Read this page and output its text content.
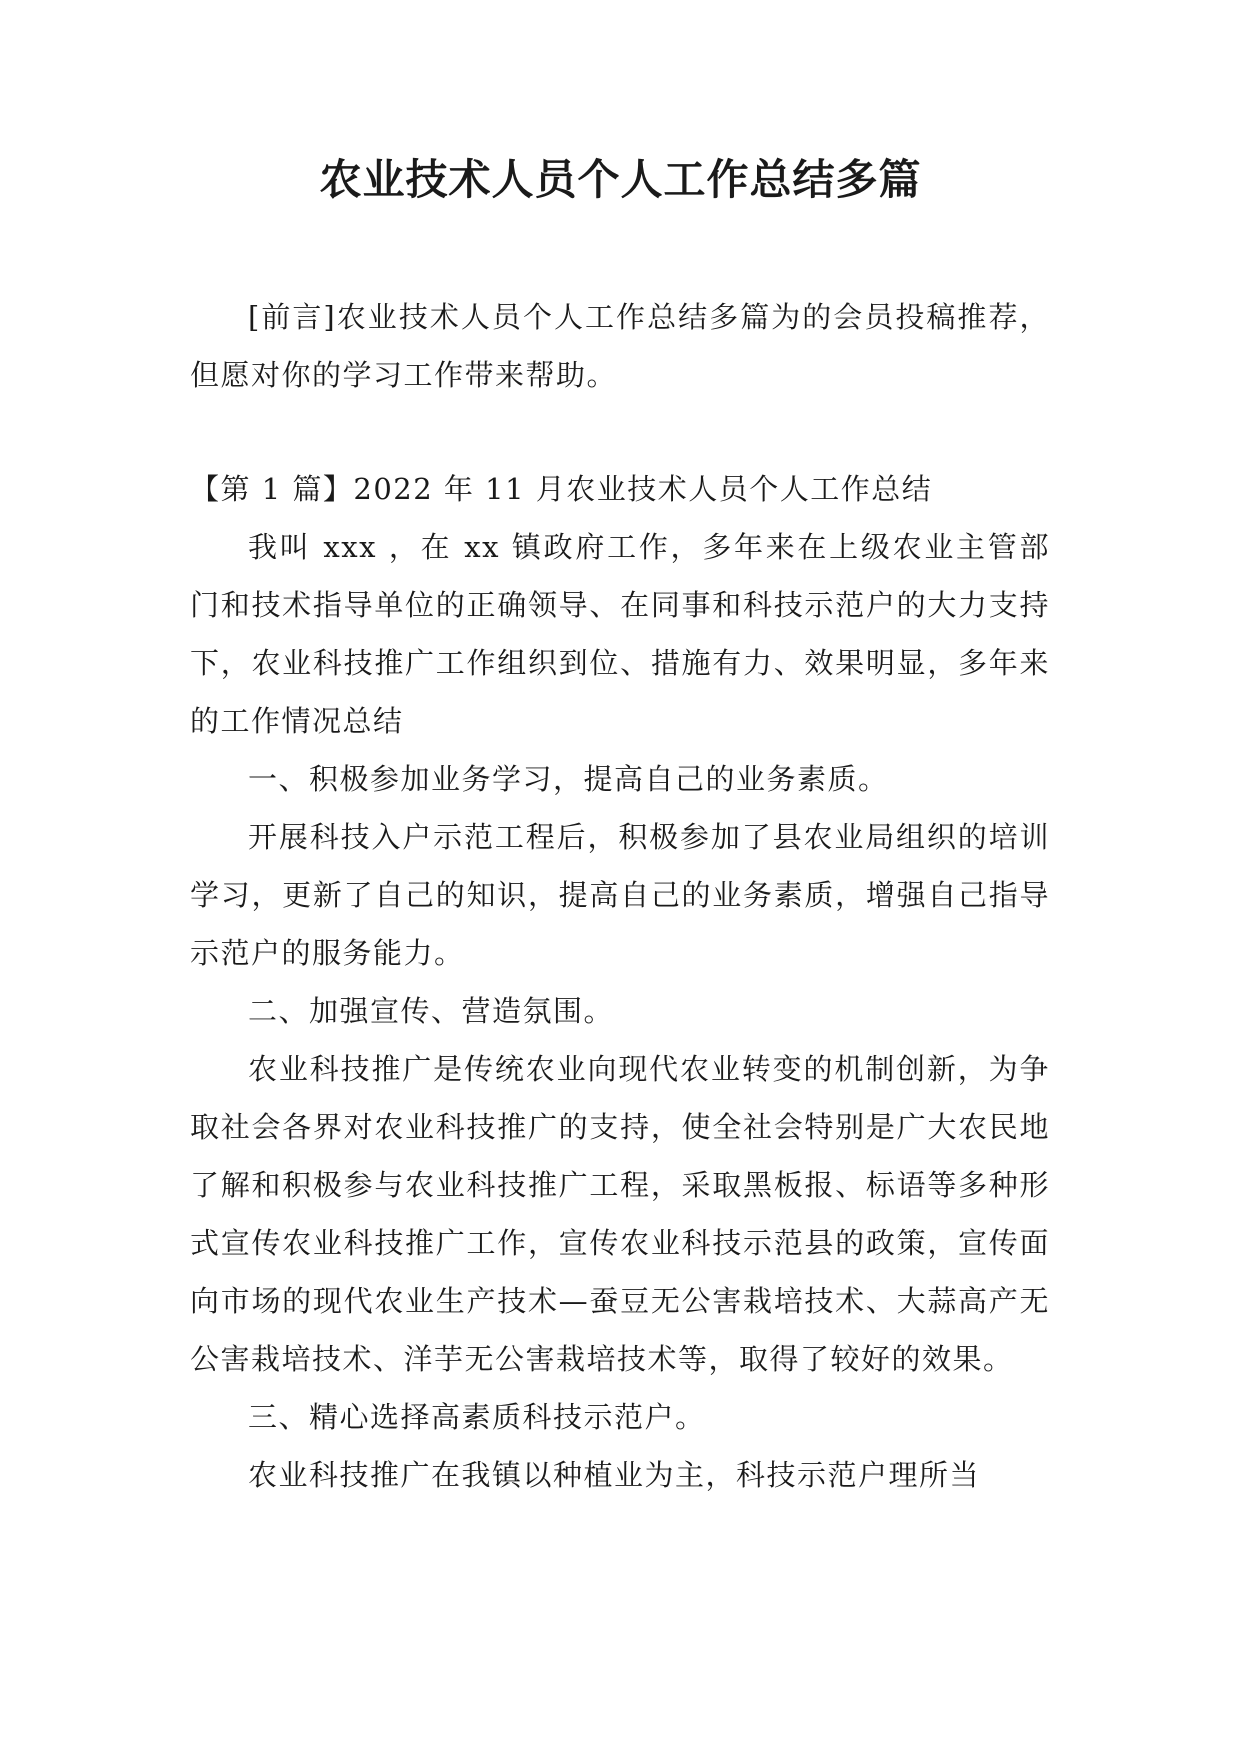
农业技术人员个人工作总结多篇

[前言]农业技术人员个人工作总结多篇为的会员投稿推荐，但愿对你的学习工作带来帮助。

【第 1 篇】2022 年 11 月农业技术人员个人工作总结

我叫 xxx ，在 xx 镇政府工作，多年来在上级农业主管部门和技术指导单位的正确领导、在同事和科技示范户的大力支持下，农业科技推广工作组织到位、措施有力、效果明显，多年来的工作情况总结

一、积极参加业务学习，提高自己的业务素质。

开展科技入户示范工程后，积极参加了县农业局组织的培训学习，更新了自己的知识，提高自己的业务素质，增强自己指导示范户的服务能力。

二、加强宣传、营造氛围。

农业科技推广是传统农业向现代农业转变的机制创新，为争取社会各界对农业科技推广的支持，使全社会特别是广大农民地了解和积极参与农业科技推广工程，采取黑板报、标语等多种形式宣传农业科技推广工作，宣传农业科技示范县的政策，宣传面向市场的现代农业生产技术—蚕豆无公害栽培技术、大蒜高产无公害栽培技术、洋芋无公害栽培技术等，取得了较好的效果。

三、精心选择高素质科技示范户。

农业科技推广在我镇以种植业为主，科技示范户理所当
